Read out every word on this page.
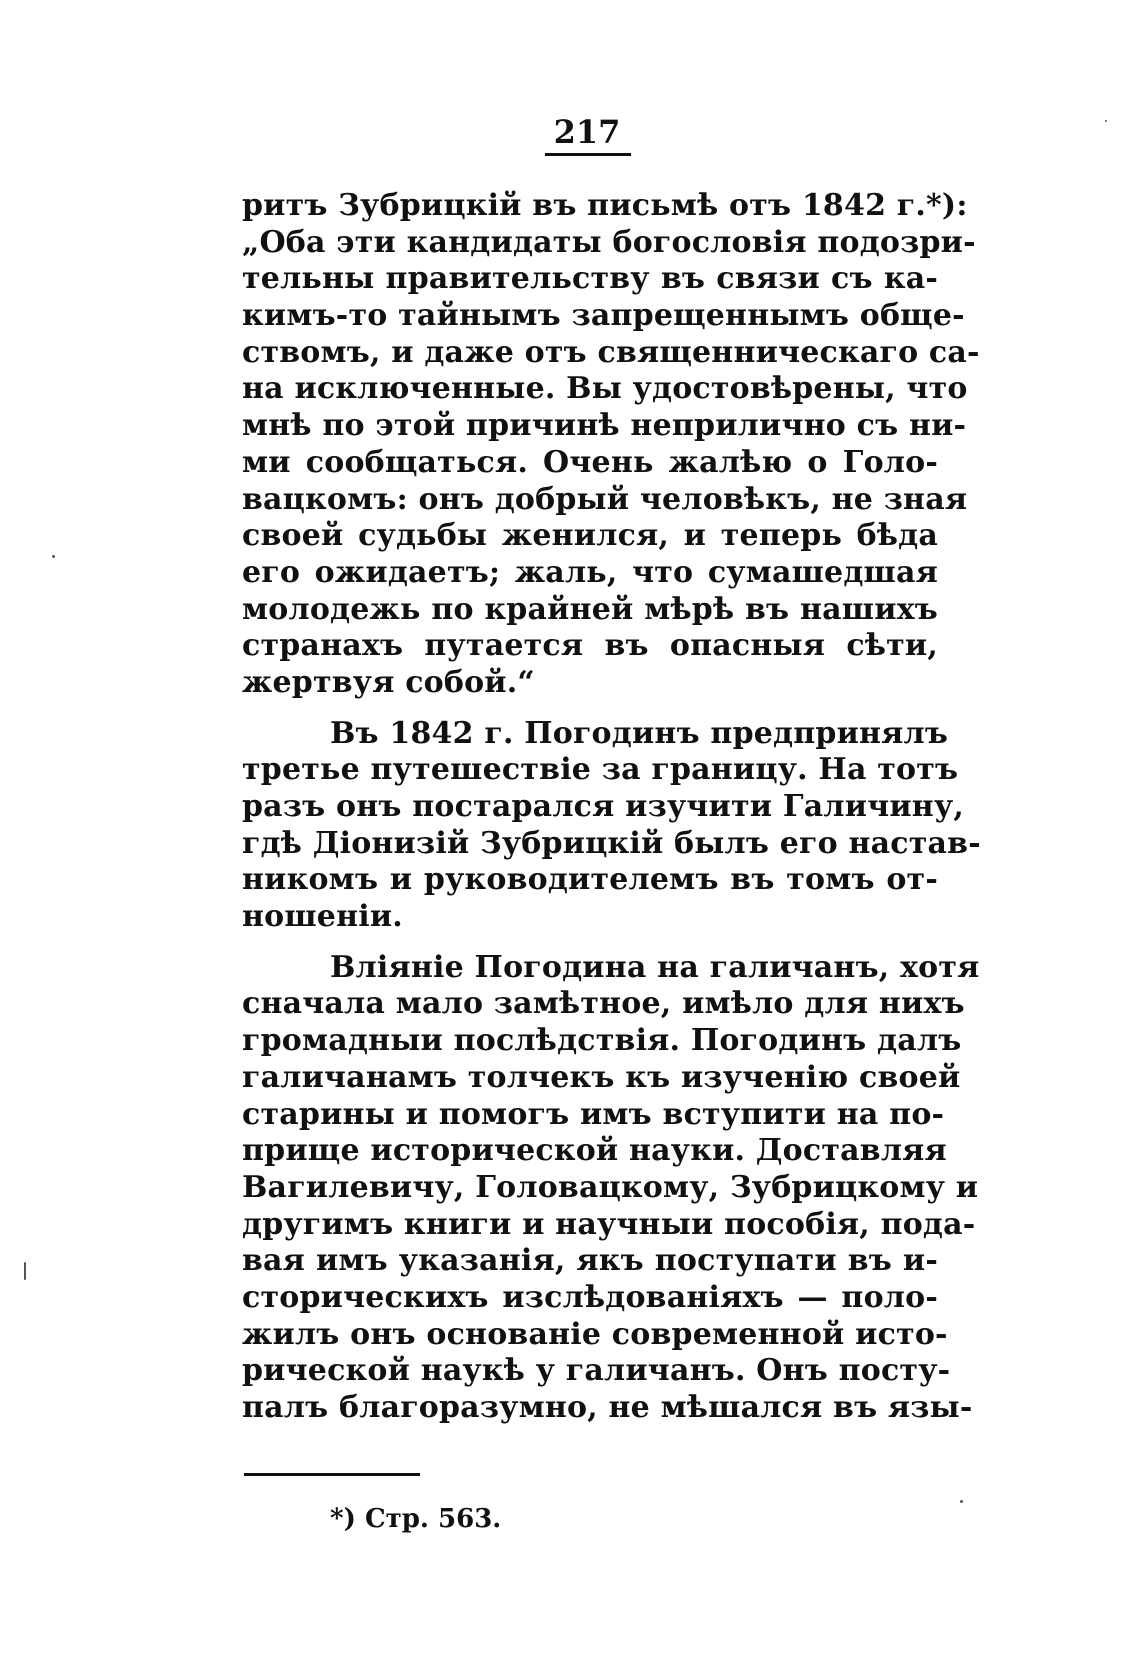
217
ритъ Зубрицкій въ письмѣ отъ 1842 г.*):
„Оба эти кандидаты богословія подозри-
тельны правительству въ связи съ ка-
кимъ-то тайнымъ запрещеннымъ обще-
ствомъ, и даже отъ священническаго са-
на исключенные. Вы удостовѣрены, что
мнѣ по этой причинѣ неприлично съ ни-
ми сообщаться. Очень жалѣю о Голо-
вацкомъ: онъ добрый человѣкъ, не зная
своей судьбы женился, и теперь бѣда
его ожидаетъ; жаль, что сумашедшая
молодежь по крайней мѣрѣ въ нашихъ
странахъ путается въ опасныя сѣти,
жертвуя собой.“
Въ 1842 г. Погодинъ предпринялъ
третье путешествіе за границу. На тотъ
разъ онъ постарался изучити Галичину,
гдѣ Діонизій Зубрицкій былъ его настав-
никомъ и руководителемъ въ томъ от-
ношеніи.
Вліяніе Погодина на галичанъ, хотя
сначала мало замѣтное, имѣло для нихъ
громадныи послѣдствія. Погодинъ далъ
галичанамъ толчекъ къ изученію своей
старины и помогъ имъ вступити на по-
прище исторической науки. Доставляя
Вагилевичу, Головацкому, Зубрицкому и
другимъ книги и научныи пособія, пода-
вая имъ указанія, якъ поступати въ и-
сторическихъ изслѣдованіяхъ — поло-
жилъ онъ основаніе современной исто-
рической наукѣ у галичанъ. Онъ посту-
палъ благоразумно, не мѣшался въ язы-
*) Стр. 563.
